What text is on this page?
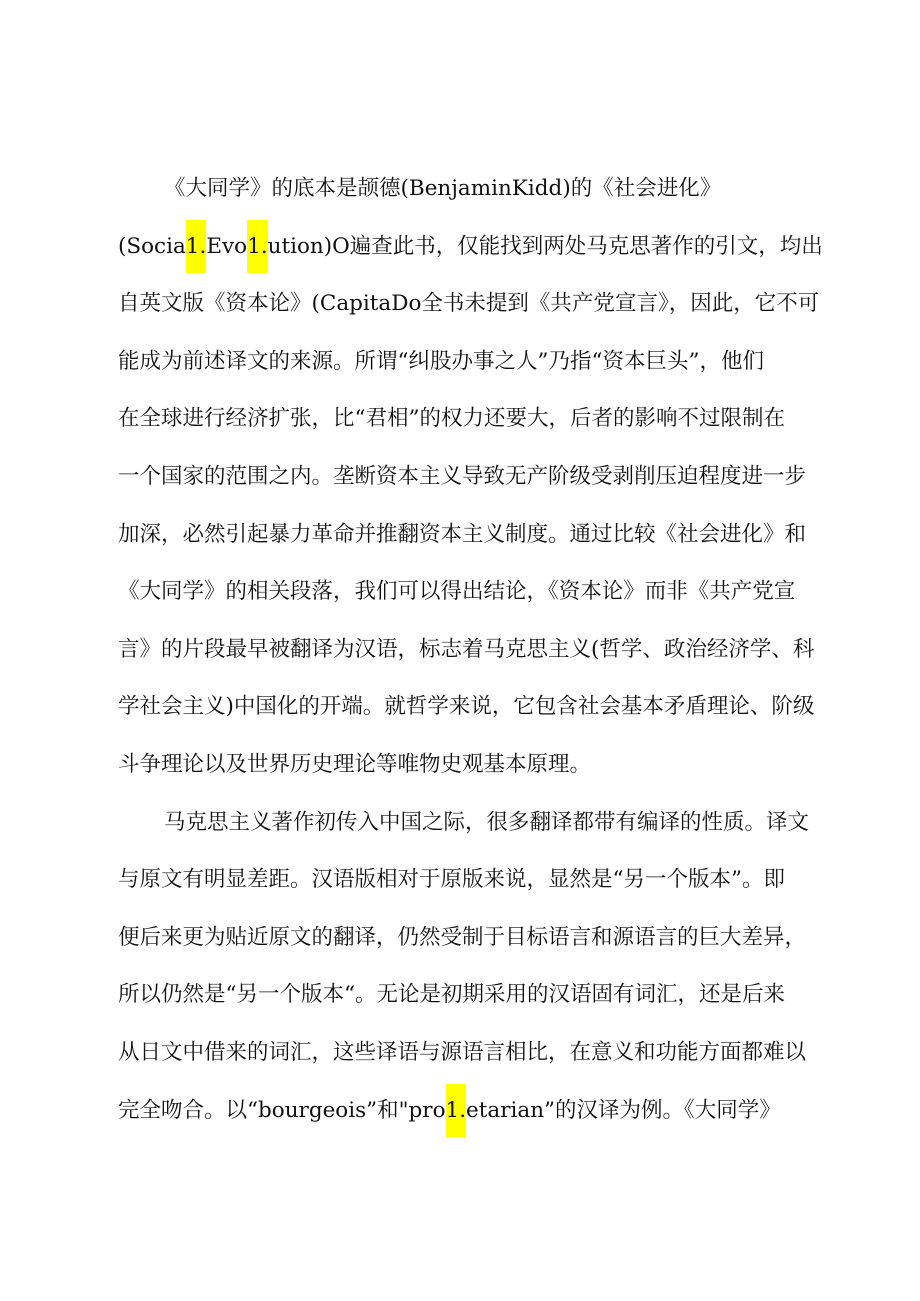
《大同学》的底本是颉德(BenjaminKidd)的《社会进化》
(Socia1.Evo1.ution)O遍查此书，仅能找到两处马克思著作的引文，均出
自英文版《资本论》(CapitaDo全书未提到《共产党宣言》，因此，它不可
能成为前述译文的来源。所谓“纠股办事之人”乃指“资本巨头”，他们
在全球进行经济扩张，比“君相”的权力还要大，后者的影响不过限制在
一个国家的范围之内。垄断资本主义导致无产阶级受剥削压迫程度进一步
加深，必然引起暴力革命并推翻资本主义制度。通过比较《社会进化》和
《大同学》的相关段落，我们可以得出结论，《资本论》而非《共产党宣
言》的片段最早被翻译为汉语，标志着马克思主义(哲学、政治经济学、科
学社会主义)中国化的开端。就哲学来说，它包含社会基本矛盾理论、阶级
斗争理论以及世界历史理论等唯物史观基本原理。
马克思主义著作初传入中国之际，很多翻译都带有编译的性质。译文
与原文有明显差距。汉语版相对于原版来说，显然是“另一个版本”。即
便后来更为贴近原文的翻译，仍然受制于目标语言和源语言的巨大差异，
所以仍然是“另一个版本“。无论是初期采用的汉语固有词汇，还是后来
从日文中借来的词汇，这些译语与源语言相比，在意义和功能方面都难以
完全吻合。以“bourgeois”和"pro1.etarian”的汉译为例。《大同学》
